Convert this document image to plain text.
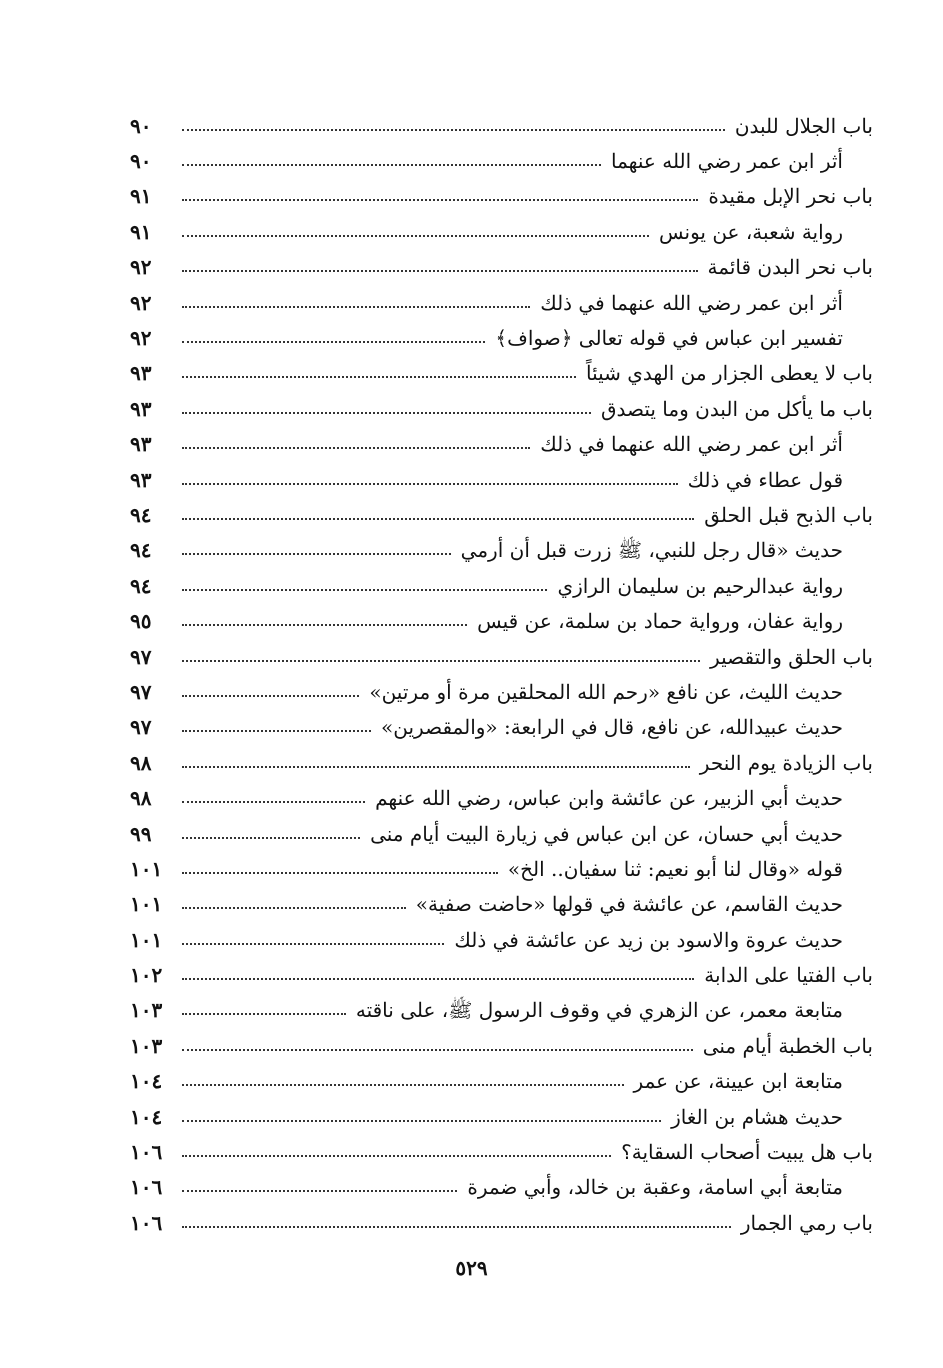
باب الجلال للبدن
٩٠
أثر ابن عمر رضي الله عنهما
٩٠
باب نحر الإبل مقيدة
٩١
رواية شعبة، عن يونس
٩١
باب نحر البدن قائمة
٩٢
أثر ابن عمر رضي الله عنهما في ذلك
٩٢
تفسير ابن عباس في قوله تعالى ﴿صواف﴾
٩٢
باب لا يعطى الجزار من الهدي شيئاً
٩٣
باب ما يأكل من البدن وما يتصدق
٩٣
أثر ابن عمر رضي الله عنهما في ذلك
٩٣
قول عطاء في ذلك
٩٣
باب الذبح قبل الحلق
٩٤
حديث «قال رجل للنبي، ﷺ زرت قبل أن أرمي
٩٤
رواية عبدالرحيم بن سليمان الرازي
٩٤
رواية عفان، ورواية حماد بن سلمة، عن قيس
٩٥
باب الحلق والتقصير
٩٧
حديث الليث، عن نافع «رحم الله المحلقين مرة أو مرتين»
٩٧
حديث عبيدالله، عن نافع، قال في الرابعة: «والمقصرين»
٩٧
باب الزيادة يوم النحر
٩٨
حديث أبي الزبير، عن عائشة وابن عباس، رضي الله عنهم
٩٨
حديث أبي حسان، عن ابن عباس في زيارة البيت أيام منى
٩٩
قوله «وقال لنا أبو نعيم: ثنا سفيان.. الخ»
١٠١
حديث القاسم، عن عائشة في قولها «حاضت صفية»
١٠١
حديث عروة والاسود بن زيد عن عائشة في ذلك
١٠١
باب الفتيا على الدابة
١٠٢
متابعة معمر، عن الزهري في وقوف الرسول ﷺ، على ناقته
١٠٣
باب الخطبة أيام منى
١٠٣
متابعة ابن عيينة، عن عمر
١٠٤
حديث هشام بن الغاز
١٠٤
باب هل يبيت أصحاب السقاية؟
١٠٦
متابعة أبي اسامة، وعقبة بن خالد، وأبي ضمرة
١٠٦
باب رمي الجمار
١٠٦
٥٢٩
